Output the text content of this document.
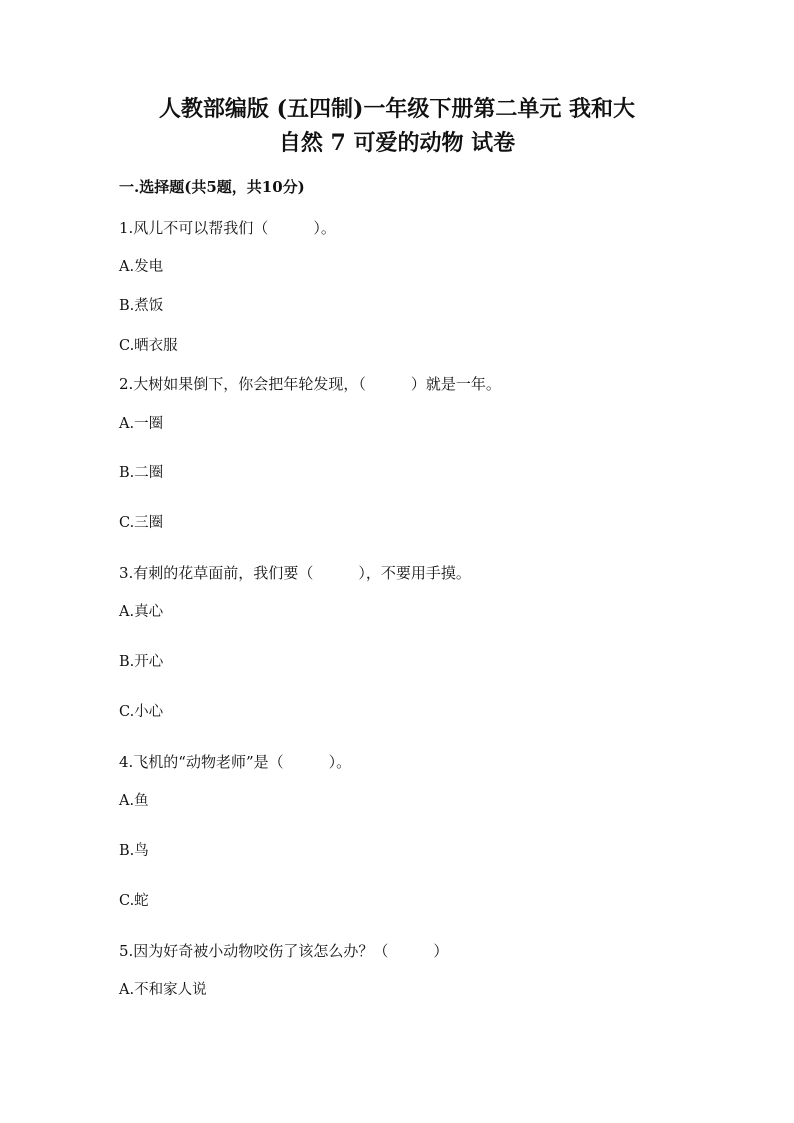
人教部编版 (五四制)一年级下册第二单元 我和大
自然 7 可爱的动物 试卷
一.选择题(共5题，共10分)
1.风儿不可以帮我们（　　　）。
A.发电
B.煮饭
C.晒衣服
2.大树如果倒下，你会把年轮发现，（　　　）就是一年。
A.一圈
B.二圈
C.三圈
3.有刺的花草面前，我们要（　　　），不要用手摸。
A.真心
B.开心
C.小心
4.飞机的“动物老师”是（　　　）。
A.鱼
B.鸟
C.蛇
5.因为好奇被小动物咬伤了该怎么办？（　　　）
A.不和家人说
